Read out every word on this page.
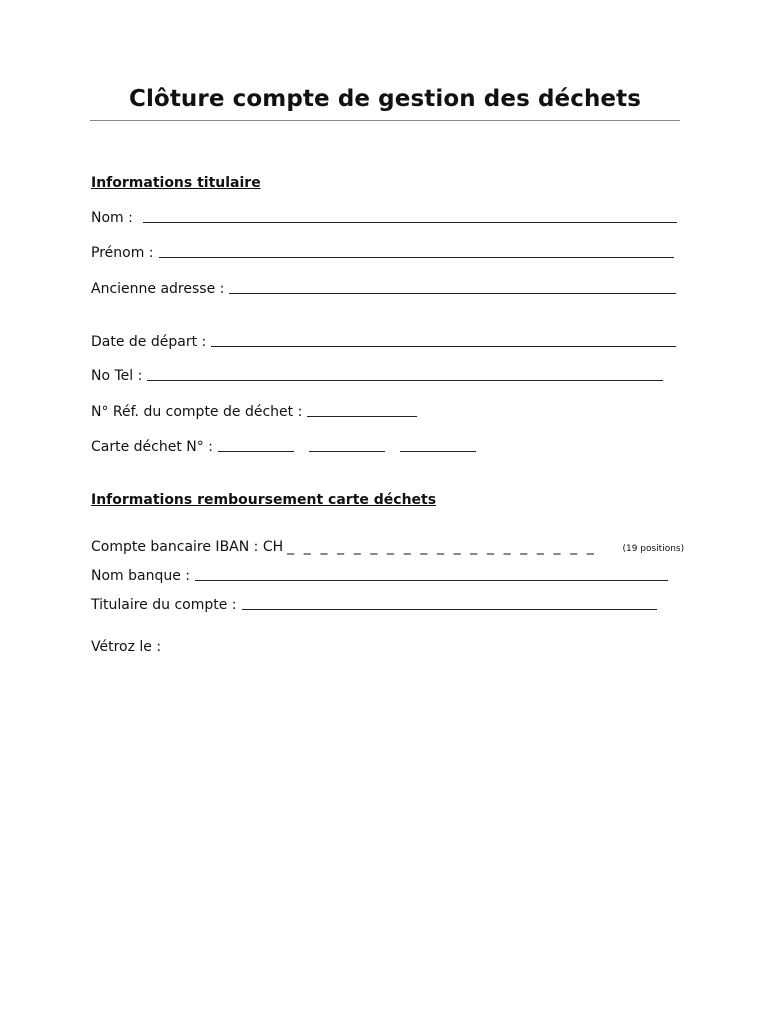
Clôture compte de gestion des déchets
Informations titulaire
Nom :
Prénom :
Ancienne adresse :
Date de départ :
No Tel :
N° Réf. du compte de déchet :
Carte déchet N° :
Informations remboursement carte déchets
Compte bancaire IBAN : CH _ _ _ _ _ _ _ _ _ _ _ _ _ _ _ _ _ _ _	(19 positions)
Nom banque :
Titulaire du compte :
Vétroz le :
